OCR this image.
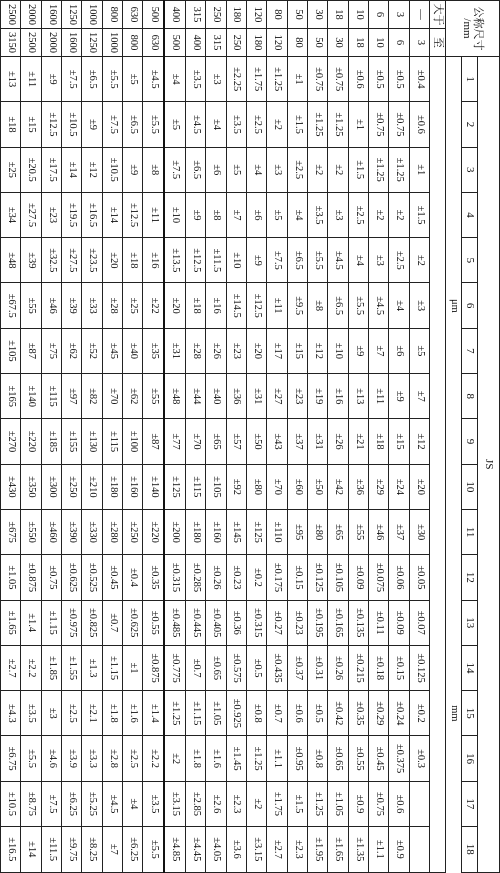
公称尺寸
/mm		JS																	
		1	2	3	4	5	6	7	8	9	10	11	12	13	14	15	16	17	18
		μm											mm						
大于	至																		
—	3	±0.4	±0.6	±1	±1.5	±2	±3	±5	±7	±12	±20	±30	±0.05	±0.07	±0.125	±0.2	±0.3		
3	6	±0.5	±0.75	±1.25	±2	±2.5	±4	±6	±9	±15	±24	±37	±0.06	±0.09	±0.15	±0.24	±0.375	±0.6	±0.9
6	10	±0.5	±0.75	±1.25	±2	±3	±4.5	±7	±11	±18	±29	±46	±0.075	±0.11	±0.18	±0.29	±0.45	±0.75	±1.1
10	18	±0.6	±1	±1.5	±2.5	±4	±5.5	±9	±13	±21	±36	±55	±0.09	±0.135	±0.215	±0.35	±0.55	±0.9	±1.35
18	30	±0.75	±1.25	±2	±3	±4.5	±6.5	±10	±16	±26	±42	±65	±0.105	±0.165	±0.26	±0.42	±0.65	±1.05	±1.65
30	50	±0.75	±1.25	±2	±3.5	±5.5	±8	±12	±19	±31	±50	±80	±0.125	±0.195	±0.31	±0.5	±0.8	±1.25	±1.95
50	80	±1	±1.5	±2.5	±4	±6.5	±9.5	±15	±23	±37	±60	±95	±0.15	±0.23	±0.37	±0.6	±0.95	±1.5	±2.3
80	120	±1.25	±2	±3	±5	±7.5	±11	±17	±27	±43	±70	±110	±0.175	±0.27	±0.435	±0.7	±1.1	±1.75	±2.7
120	180	±1.75	±2.5	±4	±6	±9	±12.5	±20	±31	±50	±80	±125	±0.2	±0.315	±0.5	±0.8	±1.25	±2	±3.15
180	250	±2.25	±3.5	±5	±7	±10	±14.5	±23	±36	±57	±92	±145	±0.23	±0.36	±0.575	±0.925	±1.45	±2.3	±3.6
250	315	±3	±4	±6	±8	±11.5	±16	±26	±40	±65	±105	±160	±0.26	±0.405	±0.65	±1.05	±1.6	±2.6	±4.05
315	400	±3.5	±4.5	±6.5	±9	±12.5	±18	±28	±44	±70	±115	±180	±0.285	±0.445	±0.7	±1.15	±1.8	±2.85	±4.45
400	500	±4	±5	±7.5	±10	±13.5	±20	±31	±48	±77	±125	±200	±0.315	±0.485	±0.775	±1.25	±2	±3.15	±4.85
500	630	±4.5	±5.5	±8	±11	±16	±22	±35	±55	±87	±140	±220	±0.35	±0.55	±0.875	±1.4	±2.2	±3.5	±5.5
630	800	±5	±6.5	±9	±12.5	±18	±25	±40	±62	±100	±160	±250	±0.4	±0.625	±1	±1.6	±2.5	±4	±6.25
800	1000	±5.5	±7.5	±10.5	±14	±20	±28	±45	±70	±115	±180	±280	±0.45	±0.7	±1.15	±1.8	±2.8	±4.5	±7
1000	1250	±6.5	±9	±12	±16.5	±23.5	±33	±52	±82	±130	±210	±330	±0.525	±0.825	±1.3	±2.1	±3.3	±5.25	±8.25
1250	1600	±7.5	±10.5	±14	±19.5	±27.5	±39	±62	±97	±155	±250	±390	±0.625	±0.975	±1.55	±2.5	±3.9	±6.25	±9.75
1600	2000	±9	±12.5	±17.5	±23	±32.5	±46	±75	±115	±185	±300	±460	±0.75	±1.15	±1.85	±3	±4.6	±7.5	±11.5
2000	2500	±11	±15	±20.5	±27.5	±39	±55	±87	±140	±220	±350	±550	±0.875	±1.4	±2.2	±3.5	±5.5	±8.75	±14
2500	3150	±13	±18	±25	±34	±48	±67.5	±105	±165	±270	±430	±675	±1.05	±1.65	±2.7	±4.3	±6.75	±10.5	±16.5
